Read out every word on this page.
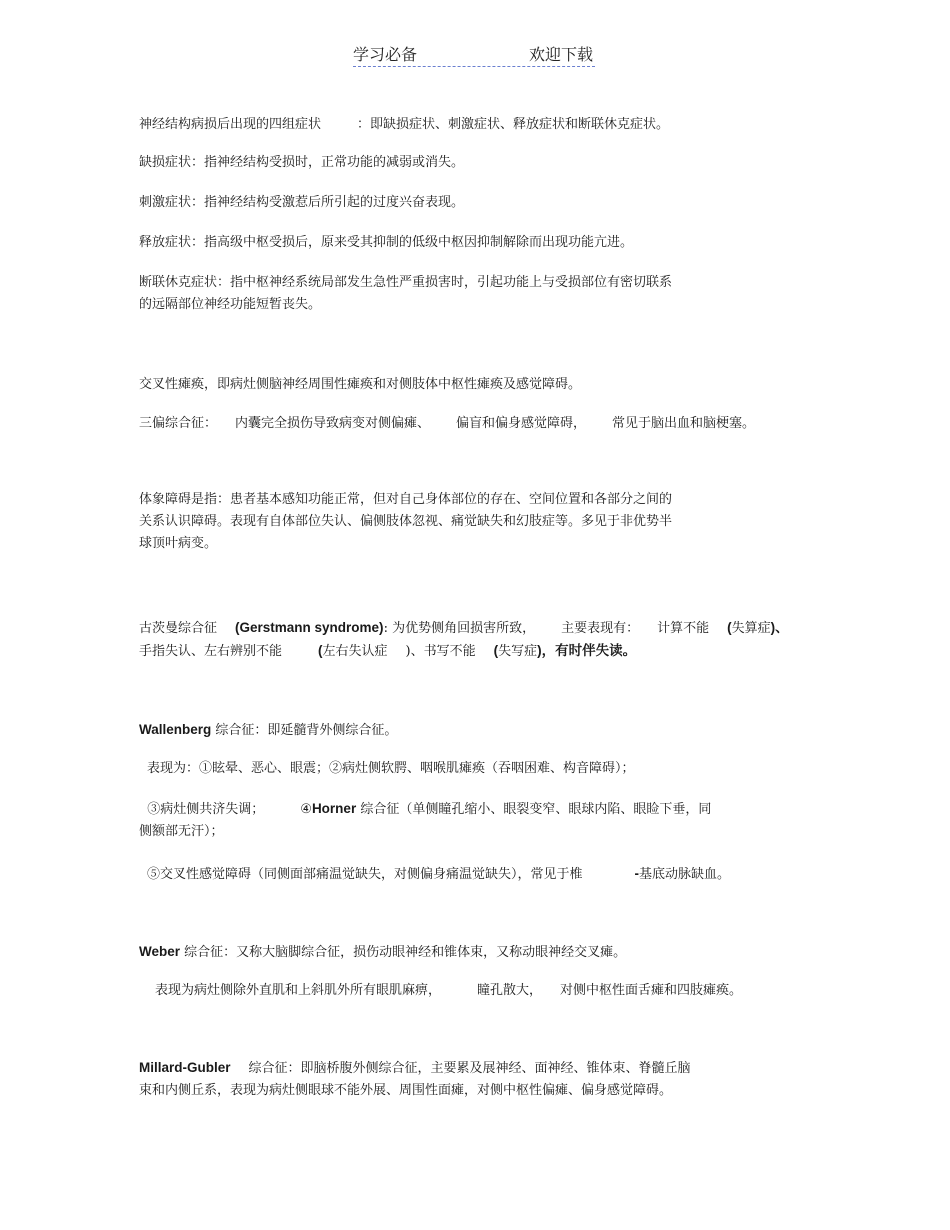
学习必备	欢迎下载
神经结构病损后出现的四组症状	：即缺损症状、刺激症状、释放症状和断联休克症状。
缺损症状：指神经结构受损时，正常功能的减弱或消失。
刺激症状：指神经结构受激惹后所引起的过度兴奋表现。
释放症状：指高级中枢受损后，原来受其抑制的低级中枢因抑制解除而出现功能亢进。
断联休克症状：指中枢神经系统局部发生急性严重损害时，引起功能上与受损部位有密切联系
的远隔部位神经功能短暂丧失。
交叉性瘫痪，即病灶侧脑神经周围性瘫痪和对侧肢体中枢性瘫痪及感觉障碍。
三偏综合征： 内囊完全损伤导致病变对侧偏瘫、 偏盲和偏身感觉障碍， 常见于脑出血和脑梗塞。
体象障碍是指：患者基本感知功能正常，但对自己身体部位的存在、空间位置和各部分之间的
关系认识障碍。表现有自体部位失认、偏侧肢体忽视、痛觉缺失和幻肢症等。多见于非优势半
球顶叶病变。
古茨曼综合征 (Gerstmann syndrome): 为优势侧角回损害所致， 主要表现有： 计算不能 (失算症)、
手指失认、左右辨别不能	(左右失认症 )、书写不能 (失写症)，有时伴失读。
Wallenberg 综合征：即延髓背外侧综合征。
表现为：①眩晕、恶心、眼震；②病灶侧软腭、咽喉肌瘫痪（吞咽困难、构音障碍）；
③病灶侧共济失调；	④Horner 综合征（单侧瞳孔缩小、眼裂变窄、眼球内陷、眼睑下垂，同
侧额部无汗）；
⑤交叉性感觉障碍（同侧面部痛温觉缺失，对侧偏身痛温觉缺失），常见于椎	-基底动脉缺血。
Weber 综合征：又称大脑脚综合征，损伤动眼神经和锥体束，又称动眼神经交叉瘫。
表现为病灶侧除外直肌和上斜肌外所有眼肌麻痹，	瞳孔散大， 对侧中枢性面舌瘫和四肢瘫痪。
Millard-Gubler 综合征：即脑桥腹外侧综合征，主要累及展神经、面神经、锥体束、脊髓丘脑
束和内侧丘系，表现为病灶侧眼球不能外展、周围性面瘫，对侧中枢性偏瘫、偏身感觉障碍。
